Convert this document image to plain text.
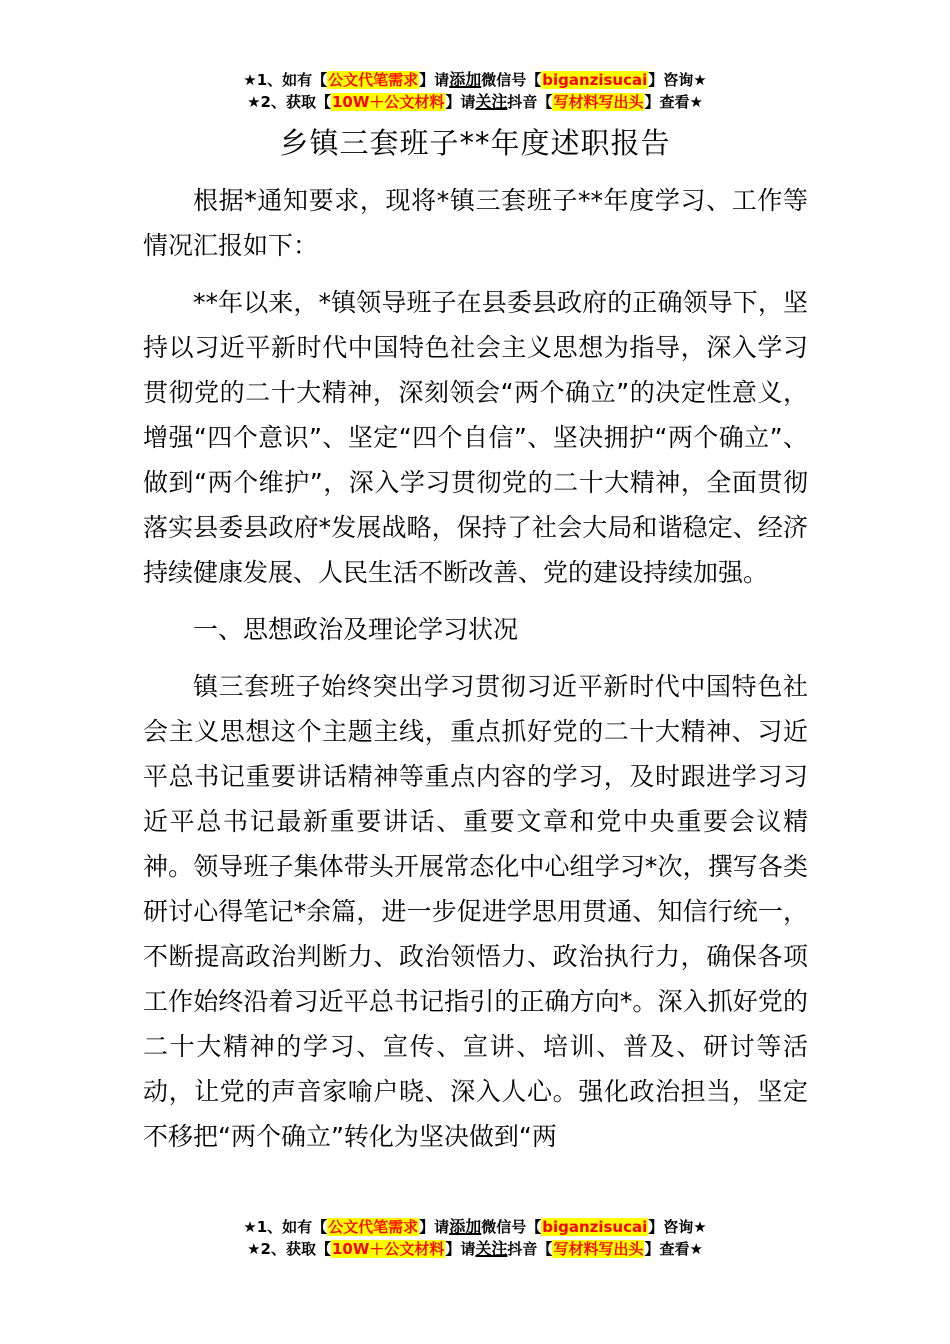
★1、如有【公文代笔需求】请添加微信号【biganzisucai】咨询★
★2、获取【10W＋公文材料】请关注抖音【写材料写出头】查看★
乡镇三套班子**年度述职报告

根据*通知要求，现将*镇三套班子**年度学习、工作等情况汇报如下：

**年以来，*镇领导班子在县委县政府的正确领导下，坚持以习近平新时代中国特色社会主义思想为指导，深入学习贯彻党的二十大精神，深刻领会“两个确立”的决定性意义，增强“四个意识”、坚定“四个自信”、坚决拥护“两个确立”、做到“两个维护”，深入学习贯彻党的二十大精神，全面贯彻落实县委县政府*发展战略，保持了社会大局和谐稳定、经济持续健康发展、人民生活不断改善、党的建设持续加强。

一、思想政治及理论学习状况

镇三套班子始终突出学习贯彻习近平新时代中国特色社会主义思想这个主题主线，重点抓好党的二十大精神、习近平总书记重要讲话精神等重点内容的学习，及时跟进学习习近平总书记最新重要讲话、重要文章和党中央重要会议精神。领导班子集体带头开展常态化中心组学习*次，撰写各类研讨心得笔记*余篇，进一步促进学思用贯通、知信行统一，不断提高政治判断力、政治领悟力、政治执行力，确保各项工作始终沿着习近平总书记指引的正确方向*。深入抓好党的二十大精神的学习、宣传、宣讲、培训、普及、研讨等活动，让党的声音家喻户晓、深入人心。强化政治担当，坚定不移把“两个确立”转化为坚决做到“两

★1、如有【公文代笔需求】请添加微信号【biganzisucai】咨询★
★2、获取【10W＋公文材料】请关注抖音【写材料写出头】查看★
